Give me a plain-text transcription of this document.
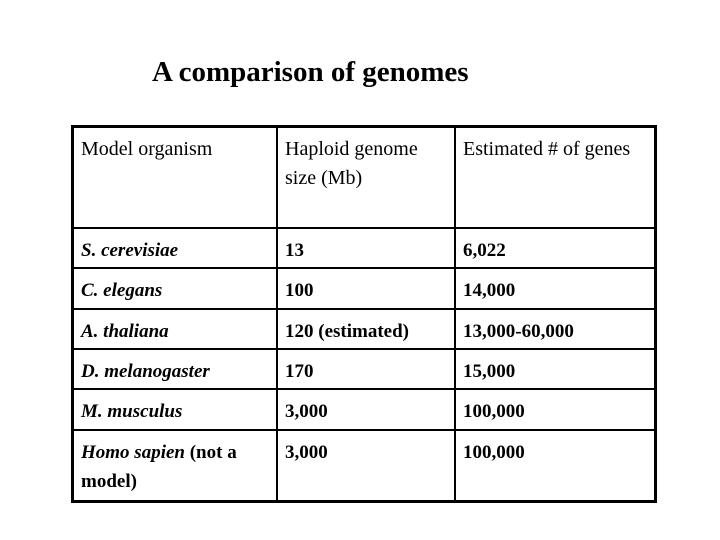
A comparison of genomes
Model organism	Haploid genome size (Mb)	Estimated # of genes
S. cerevisiae	13	6,022
C. elegans	100	14,000
A. thaliana	120 (estimated)	13,000-60,000
D. melanogaster	170	15,000
M. musculus	3,000	100,000
Homo sapien (not a model)	3,000	100,000
